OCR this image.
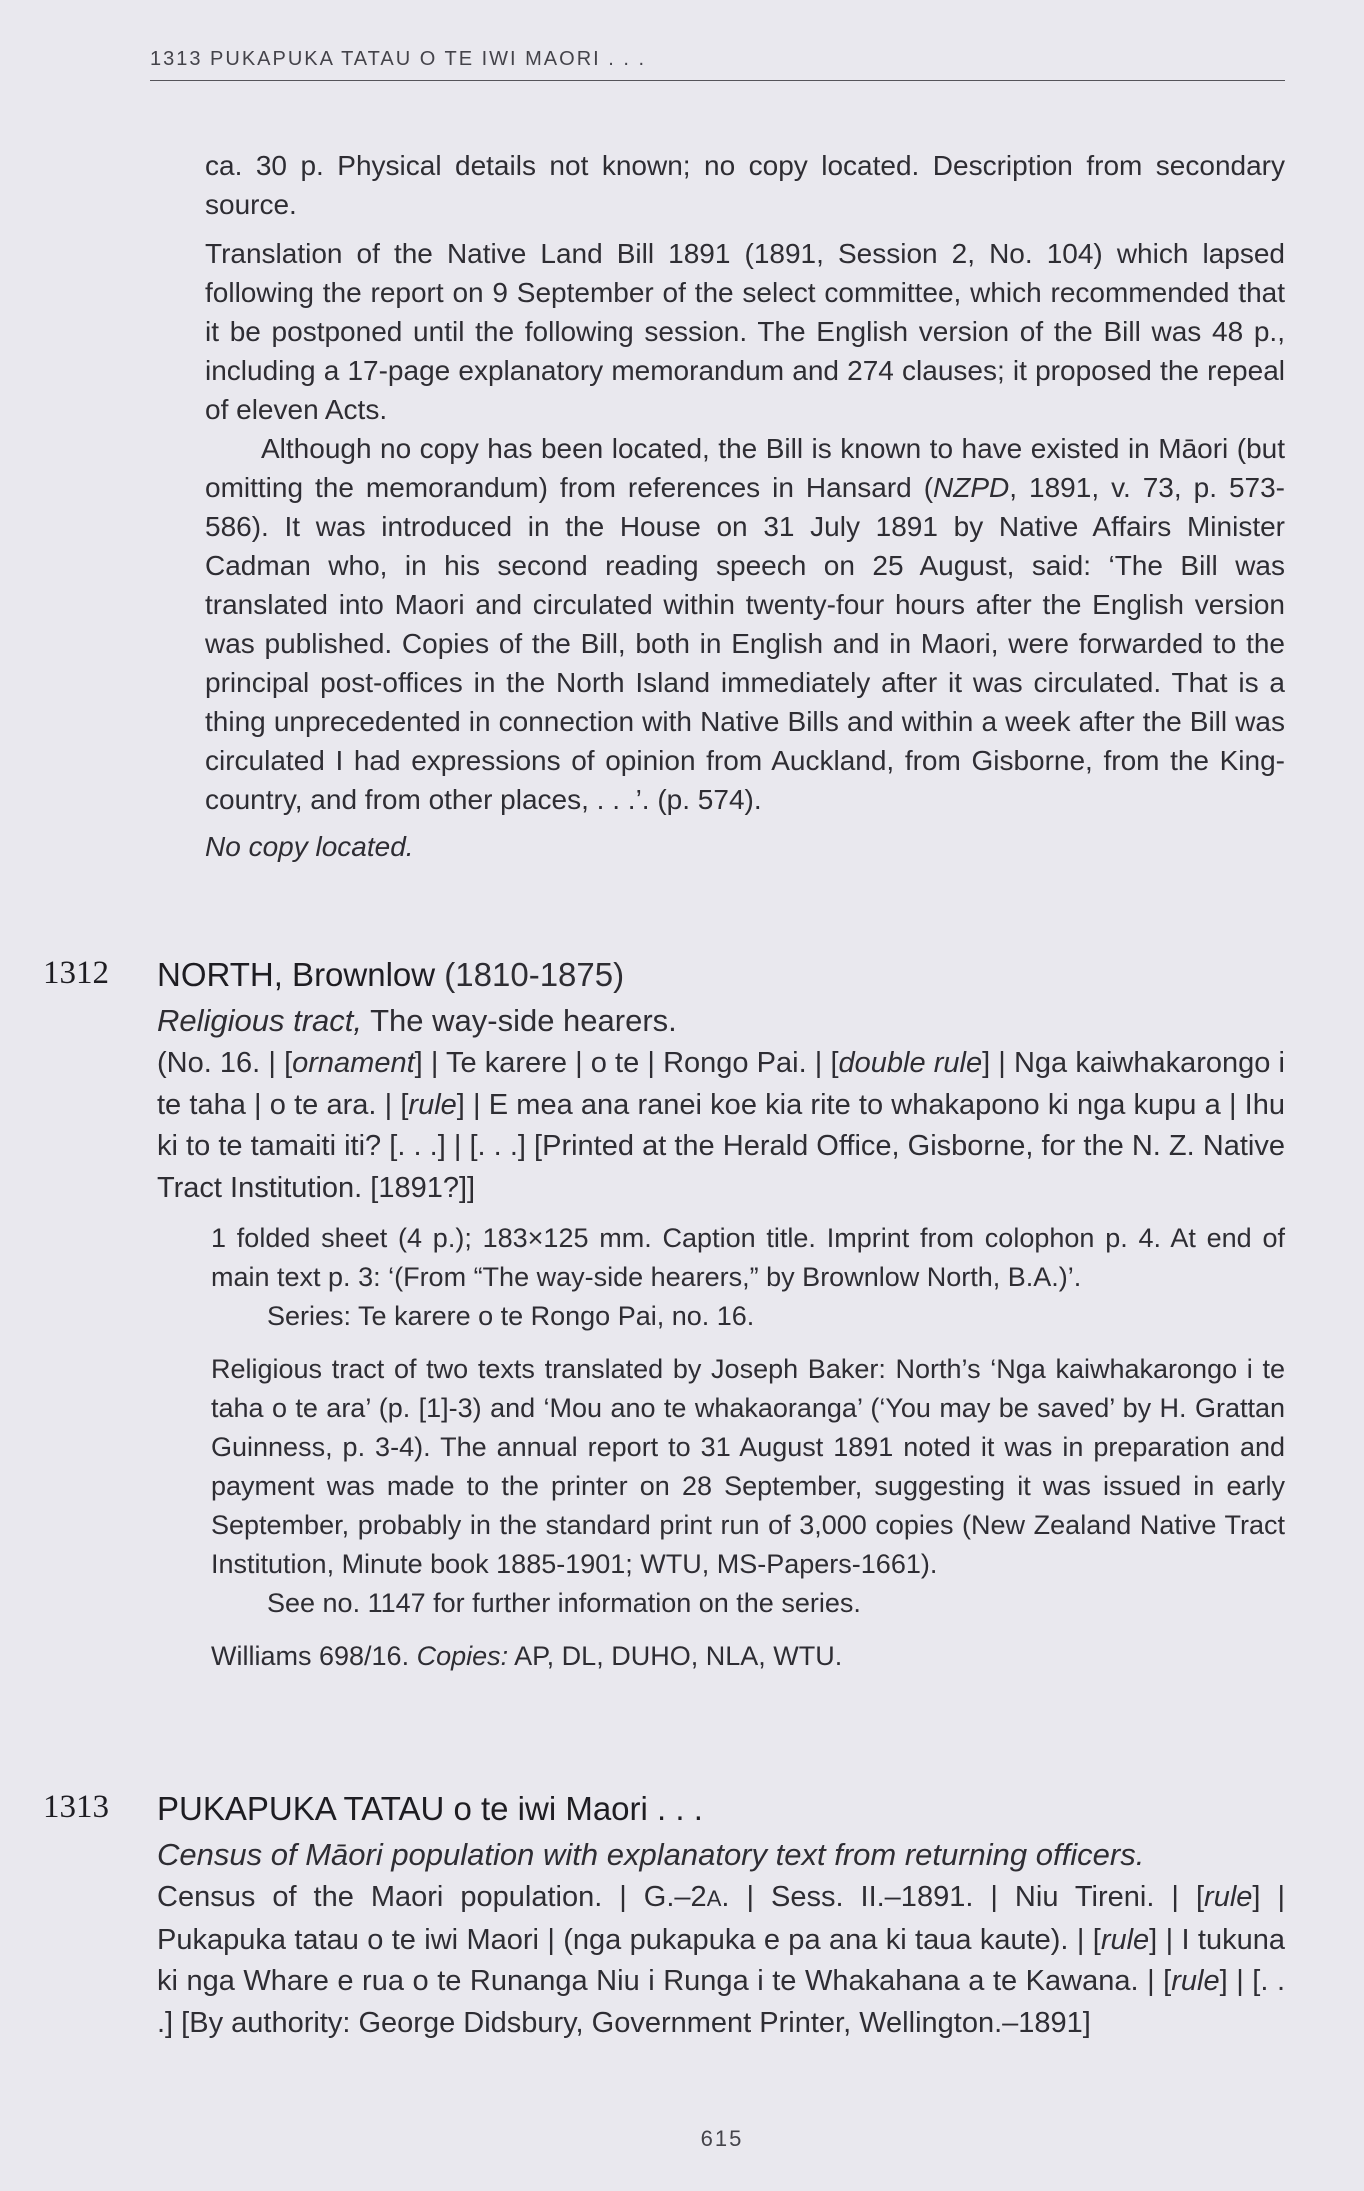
1313 PUKAPUKA TATAU O TE IWI MAORI . . .

ca. 30 p. Physical details not known; no copy located. Description from secondary source.

Translation of the Native Land Bill 1891 (1891, Session 2, No. 104) which lapsed following the report on 9 September of the select committee, which recommended that it be postponed until the following session. The English version of the Bill was 48 p., including a 17-page explanatory memorandum and 274 clauses; it proposed the repeal of eleven Acts.

Although no copy has been located, the Bill is known to have existed in Māori (but omitting the memorandum) from references in Hansard (NZPD, 1891, v. 73, p. 573-586). It was introduced in the House on 31 July 1891 by Native Affairs Minister Cadman who, in his second reading speech on 25 August, said: ‘The Bill was translated into Maori and circulated within twenty-four hours after the English version was published. Copies of the Bill, both in English and in Maori, were forwarded to the principal post-offices in the North Island immediately after it was circulated. That is a thing unprecedented in connection with Native Bills and within a week after the Bill was circulated I had expressions of opinion from Auckland, from Gisborne, from the King-country, and from other places, . . .’. (p. 574).

No copy located.

1312 NORTH, Brownlow (1810-1875)
Religious tract, The way-side hearers.

(No. 16. | [ornament] | Te karere | o te | Rongo Pai. | [double rule] | Nga kaiwhakarongo i te taha | o te ara. | [rule] | E mea ana ranei koe kia rite to whakapono ki nga kupu a | Ihu ki to te tamaiti iti? [. . .] | [. . .] [Printed at the Herald Office, Gisborne, for the N. Z. Native Tract Institution. [1891?]]

1 folded sheet (4 p.); 183×125 mm. Caption title. Imprint from colophon p. 4. At end of main text p. 3: ‘(From “The way-side hearers,” by Brownlow North, B.A.)’.

Series: Te karere o te Rongo Pai, no. 16.

Religious tract of two texts translated by Joseph Baker: North’s ‘Nga kaiwhakarongo i te taha o te ara’ (p. [1]-3) and ‘Mou ano te whakaoranga’ (‘You may be saved’ by H. Grattan Guinness, p. 3-4). The annual report to 31 August 1891 noted it was in preparation and payment was made to the printer on 28 September, suggesting it was issued in early September, probably in the standard print run of 3,000 copies (New Zealand Native Tract Institution, Minute book 1885-1901; WTU, MS-Papers-1661).

See no. 1147 for further information on the series.

Williams 698/16. Copies: AP, DL, DUHO, NLA, WTU.

1313 PUKAPUKA TATAU o te iwi Maori . . .
Census of Māori population with explanatory text from returning officers.

Census of the Maori population. | G.–2A. | Sess. II.–1891. | Niu Tireni. | [rule] | Pukapuka tatau o te iwi Maori | (nga pukapuka e pa ana ki taua kaute). | [rule] | I tukuna ki nga Whare e rua o te Runanga Niu i Runga i te Whakahana a te Kawana. | [rule] | [. . .] [By authority: George Didsbury, Government Printer, Wellington.–1891]

615
